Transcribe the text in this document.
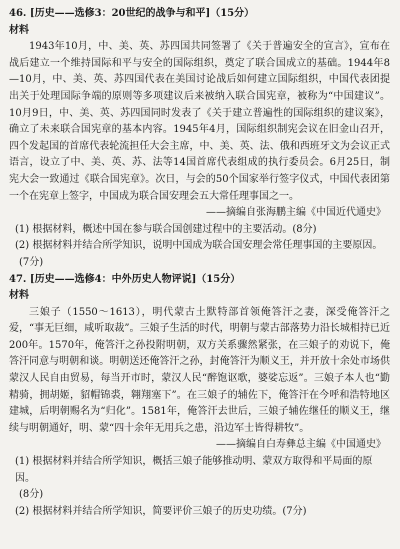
46. [历史——选修3：20世纪的战争与和平]（15分）
材料
1943年10月，中、美、英、苏四国共同签署了《关于普遍安全的宣言》，宣布在战后建立一个维持国际和平与安全的国际组织，奠定了联合国成立的基础。1944年8—10月，中、美、英、苏四国代表在美国讨论战后如何建立国际组织，中国代表团提出关于处理国际争端的原则等多项建议后来被纳入联合国宪章，被称为“中国建议”。10月9日，中、美、英、苏四国同时发表了《关于建立普遍性的国际组织的建议案》，确立了未来联合国宪章的基本内容。1945年4月，国际组织制宪会议在旧金山召开，四个发起国的首席代表轮流担任大会主席，中、美、英、法、俄和西班牙文为会议正式语言，设立了中、美、英、苏、法等14国首席代表组成的执行委员会。6月25日，制宪大会一致通过《联合国宪章》。次日，与会的50个国家举行签字仪式，中国代表团第一个在宪章上签字，中国成为联合国安理会五大常任理事国之一。
——摘编自张海鹏主编《中国近代通史》
(1) 根据材料，概述中国在参与联合国创建过程中的主要活动。(8分)
(2) 根据材料并结合所学知识，说明中国成为联合国安理会常任理事国的主要原因。
(7分)
47. [历史——选修4：中外历史人物评说]（15分）
材料
三娘子（1550～1613），明代蒙古土默特部首领俺答汗之妻，深受俺答汗之爱，“事无巨细，咸听取裁”。三娘子生活的时代，明朝与蒙古部落势力沿长城相持已近200年。1570年，俺答汗之孙投附明朝，双方关系骤然紧张，在三娘子的劝说下，俺答汗同意与明朝和谈。明朝送还俺答汗之孙，封俺答汗为顺义王，并开放十余处市场供蒙汉人民自由贸易，每当开市时，蒙汉人民“醉饱讴歌，婆娑忘返”。三娘子本人也“勤精骑，拥胡姬，貂帽锦裘，翱翔塞下”。在三娘子的辅佐下，俺答汗在今呼和浩特地区建城，后明朝赐名为“归化”。1581年，俺答汗去世后，三娘子辅佐继任的顺义王，继续与明朝通好，明、蒙“四十余年无用兵之患，沿边军士皆得耕牧”。
——摘编自白寿彝总主编《中国通史》
(1) 根据材料并结合所学知识，概括三娘子能够推动明、蒙双方取得和平局面的原因。
(8分)
(2) 根据材料并结合所学知识，简要评价三娘子的历史功绩。(7分)
